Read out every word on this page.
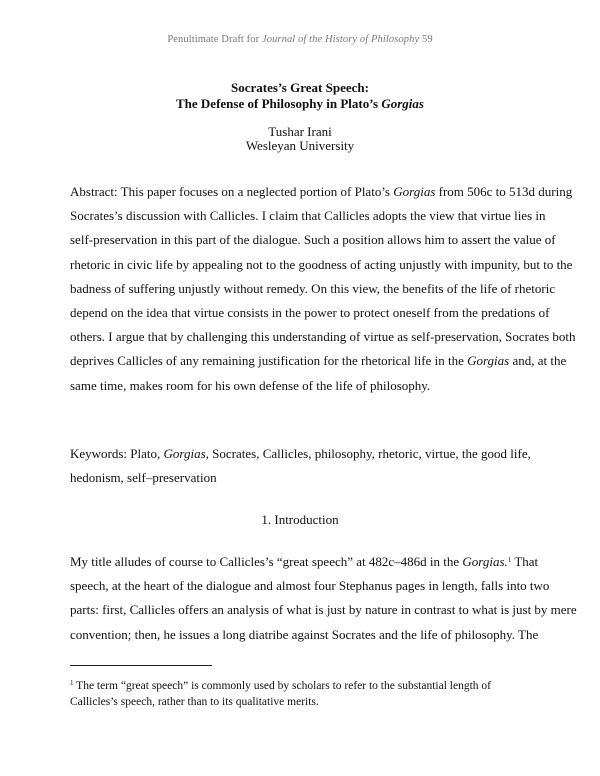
Penultimate Draft for Journal of the History of Philosophy 59
Socrates’s Great Speech:
The Defense of Philosophy in Plato’s Gorgias
Tushar Irani
Wesleyan University
Abstract: This paper focuses on a neglected portion of Plato’s Gorgias from 506c to 513d during
Socrates’s discussion with Callicles. I claim that Callicles adopts the view that virtue lies in
self-preservation in this part of the dialogue. Such a position allows him to assert the value of
rhetoric in civic life by appealing not to the goodness of acting unjustly with impunity, but to the
badness of suffering unjustly without remedy. On this view, the benefits of the life of rhetoric
depend on the idea that virtue consists in the power to protect oneself from the predations of
others. I argue that by challenging this understanding of virtue as self-preservation, Socrates both
deprives Callicles of any remaining justification for the rhetorical life in the Gorgias and, at the
same time, makes room for his own defense of the life of philosophy.
Keywords: Plato, Gorgias, Socrates, Callicles, philosophy, rhetoric, virtue, the good life,
hedonism, self–preservation
1. Introduction
My title alludes of course to Callicles’s “great speech” at 482c–486d in the Gorgias.$^1$ That
speech, at the heart of the dialogue and almost four Stephanus pages in length, falls into two
parts: first, Callicles offers an analysis of what is just by nature in contrast to what is just by mere
convention; then, he issues a long diatribe against Socrates and the life of philosophy. The
$^1$ The term “great speech” is commonly used by scholars to refer to the substantial length of
Callicles’s speech, rather than to its qualitative merits.
